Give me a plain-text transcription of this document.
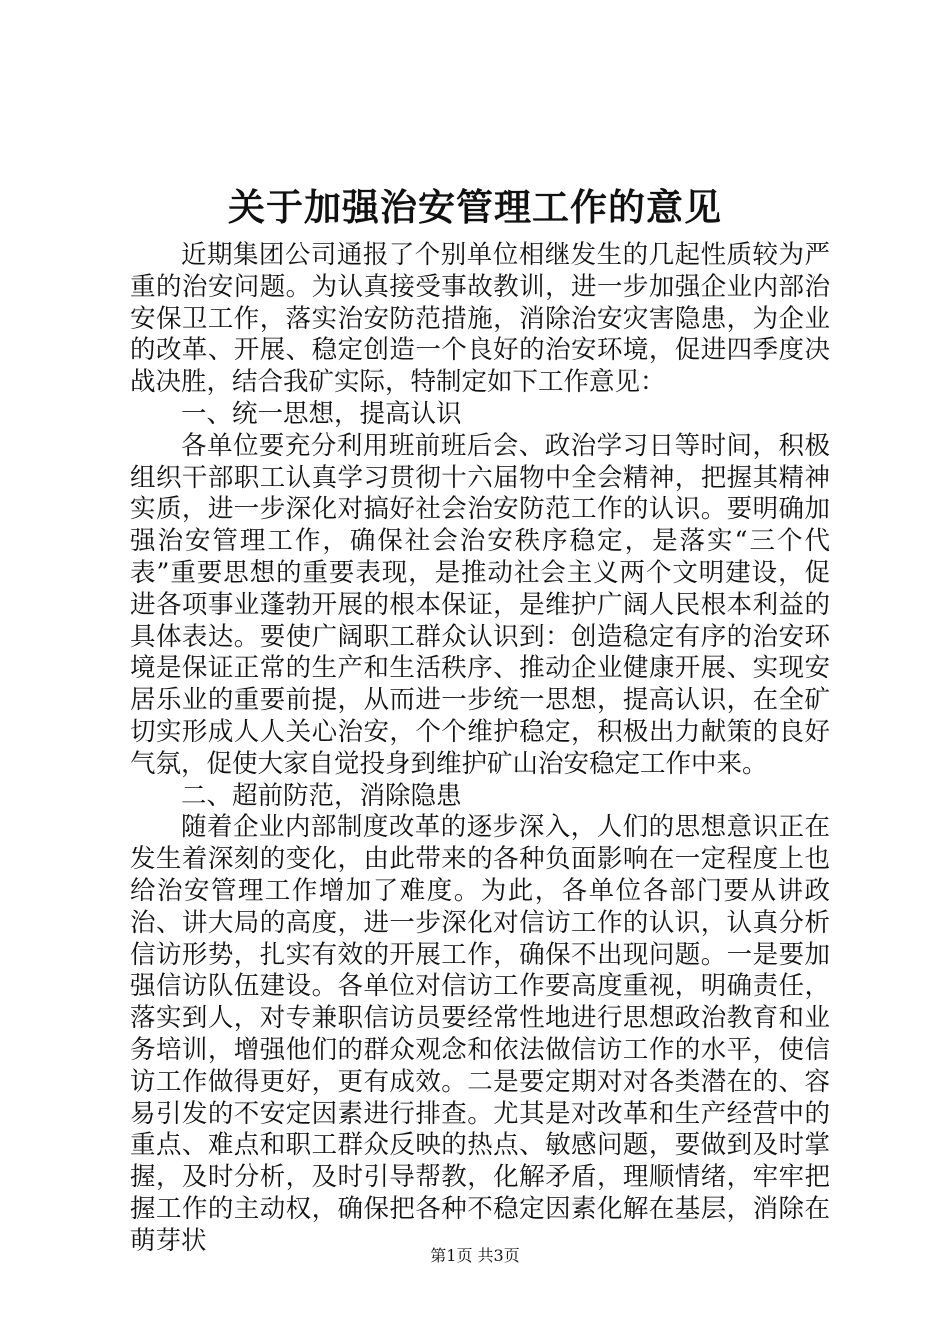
关于加强治安管理工作的意见

近期集团公司通报了个别单位相继发生的几起性质较为严重的治安问题。为认真接受事故教训，进一步加强企业内部治安保卫工作，落实治安防范措施，消除治安灾害隐患，为企业的改革、开展、稳定创造一个良好的治安环境，促进四季度决战决胜，结合我矿实际，特制定如下工作意见：

一、统一思想，提高认识

各单位要充分利用班前班后会、政治学习日等时间，积极组织干部职工认真学习贯彻十六届物中全会精神，把握其精神实质，进一步深化对搞好社会治安防范工作的认识。要明确加强治安管理工作，确保社会治安秩序稳定，是落实“三个代表”重要思想的重要表现，是推动社会主义两个文明建设，促进各项事业蓬勃开展的根本保证，是维护广阔人民根本利益的具体表达。要使广阔职工群众认识到：创造稳定有序的治安环境是保证正常的生产和生活秩序、推动企业健康开展、实现安居乐业的重要前提，从而进一步统一思想，提高认识，在全矿切实形成人人关心治安，个个维护稳定，积极出力献策的良好气氛，促使大家自觉投身到维护矿山治安稳定工作中来。

二、超前防范，消除隐患

随着企业内部制度改革的逐步深入，人们的思想意识正在发生着深刻的变化，由此带来的各种负面影响在一定程度上也给治安管理工作增加了难度。为此，各单位各部门要从讲政治、讲大局的高度，进一步深化对信访工作的认识，认真分析信访形势，扎实有效的开展工作，确保不出现问题。一是要加强信访队伍建设。各单位对信访工作要高度重视，明确责任，落实到人，对专兼职信访员要经常性地进行思想政治教育和业务培训，增强他们的群众观念和依法做信访工作的水平，使信访工作做得更好，更有成效。二是要定期对对各类潜在的、容易引发的不安定因素进行排查。尤其是对改革和生产经营中的重点、难点和职工群众反映的热点、敏感问题，要做到及时掌握，及时分析，及时引导帮教，化解矛盾，理顺情绪，牢牢把握工作的主动权，确保把各种不稳定因素化解在基层，消除在萌芽状	第1页 共3页
